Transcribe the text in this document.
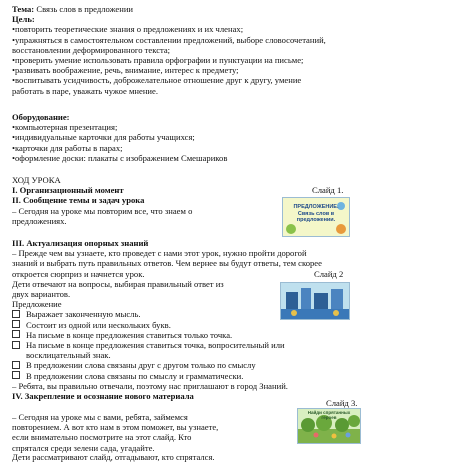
Тема: Связь слов в предложении
Цель:
•повторить теоретические знания о предложениях и их членах;
•упражняться в самостоятельном составлении предложений, выборе словосочетаний,
восстановлении деформированного текста;
•проверить умение использовать правила орфографии и пунктуации на письме;
•развивать воображение, речь, внимание, интерес к предмету;
•воспитывать усидчивость, доброжелательное отношение друг к другу, умение
работать в паре, уважать чужое мнение.
Оборудование:
•компьютерная презентация;
•индивидуальные карточки для работы учащихся;
•карточки для работы в парах;
•оформление доски: плакаты с изображением Смешариков
ХОД УРОКА
I. Организационный момент
II. Сообщение темы и задач урока
– Сегодня на уроке мы повторим все, что знаем о
предложениях.
Слайд 1.
ПРЕДЛОЖЕНИЕ.
Связь слов в
предложении.
III. Актуализация опорных знаний
– Прежде чем вы узнаете, кто проведет с нами этот урок, нужно пройти дорогой
знаний и выбрать путь правильных ответов. Чем вернее вы будут ответы, тем скорее
откроется сюрприз и начнется урок.
Дети отвечают на вопросы, выбирая правильный ответ из
двух вариантов.
Предложение
Выражает законченную мысль.
Состоит из одной или нескольких букв.
На письме в конце предложения ставиться только точка.
На письме в конце предложения ставиться точка, вопросительный или
восклицательный знак.
В предложении слова связаны друг с другом только по смыслу
В предложении слова связаны по смыслу и грамматически.
– Ребята, вы правильно отвечали, поэтому нас приглашают в город Знаний.
IV. Закрепление и осознание нового материала
Слайд 2
Слайд 3.
– Сегодня на уроке мы с вами, ребята, займемся
повторением. А вот кто нам в этом поможет, вы узнаете,
если внимательно посмотрите на этот слайд. Кто
спрятался среди зелени сада, угадайте.
Дети рассматривают слайд, отгадывают, кто спрятался.
Найди спрятанных героев
